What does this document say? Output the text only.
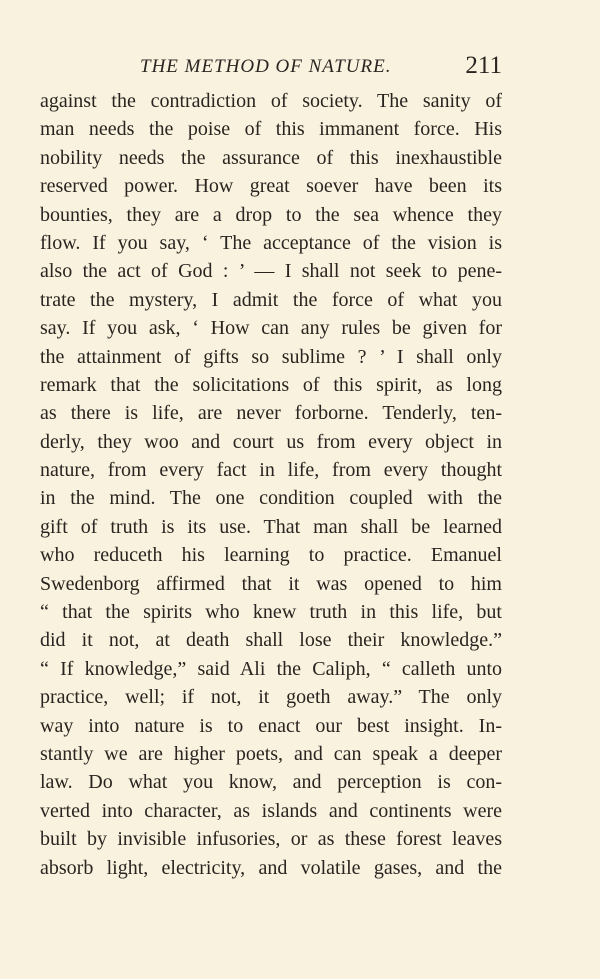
THE METHOD OF NATURE.	211
against the contradiction of society. The sanity of
man needs the poise of this immanent force. His
nobility needs the assurance of this inexhaustible
reserved power. How great soever have been its
bounties, they are a drop to the sea whence they
flow. If you say, ‘ The acceptance of the vision is
also the act of God : ’ — I shall not seek to pene-
trate the mystery, I admit the force of what you
say. If you ask, ‘ How can any rules be given for
the attainment of gifts so sublime ? ’ I shall only
remark that the solicitations of this spirit, as long
as there is life, are never forborne. Tenderly, ten-
derly, they woo and court us from every object in
nature, from every fact in life, from every thought
in the mind. The one condition coupled with the
gift of truth is its use. That man shall be learned
who reduceth his learning to practice. Emanuel
Swedenborg affirmed that it was opened to him
“ that the spirits who knew truth in this life, but
did it not, at death shall lose their knowledge.”
“ If knowledge,” said Ali the Caliph, “ calleth unto
practice, well; if not, it goeth away.” The only
way into nature is to enact our best insight. In-
stantly we are higher poets, and can speak a deeper
law. Do what you know, and perception is con-
verted into character, as islands and continents were
built by invisible infusories, or as these forest leaves
absorb light, electricity, and volatile gases, and the
